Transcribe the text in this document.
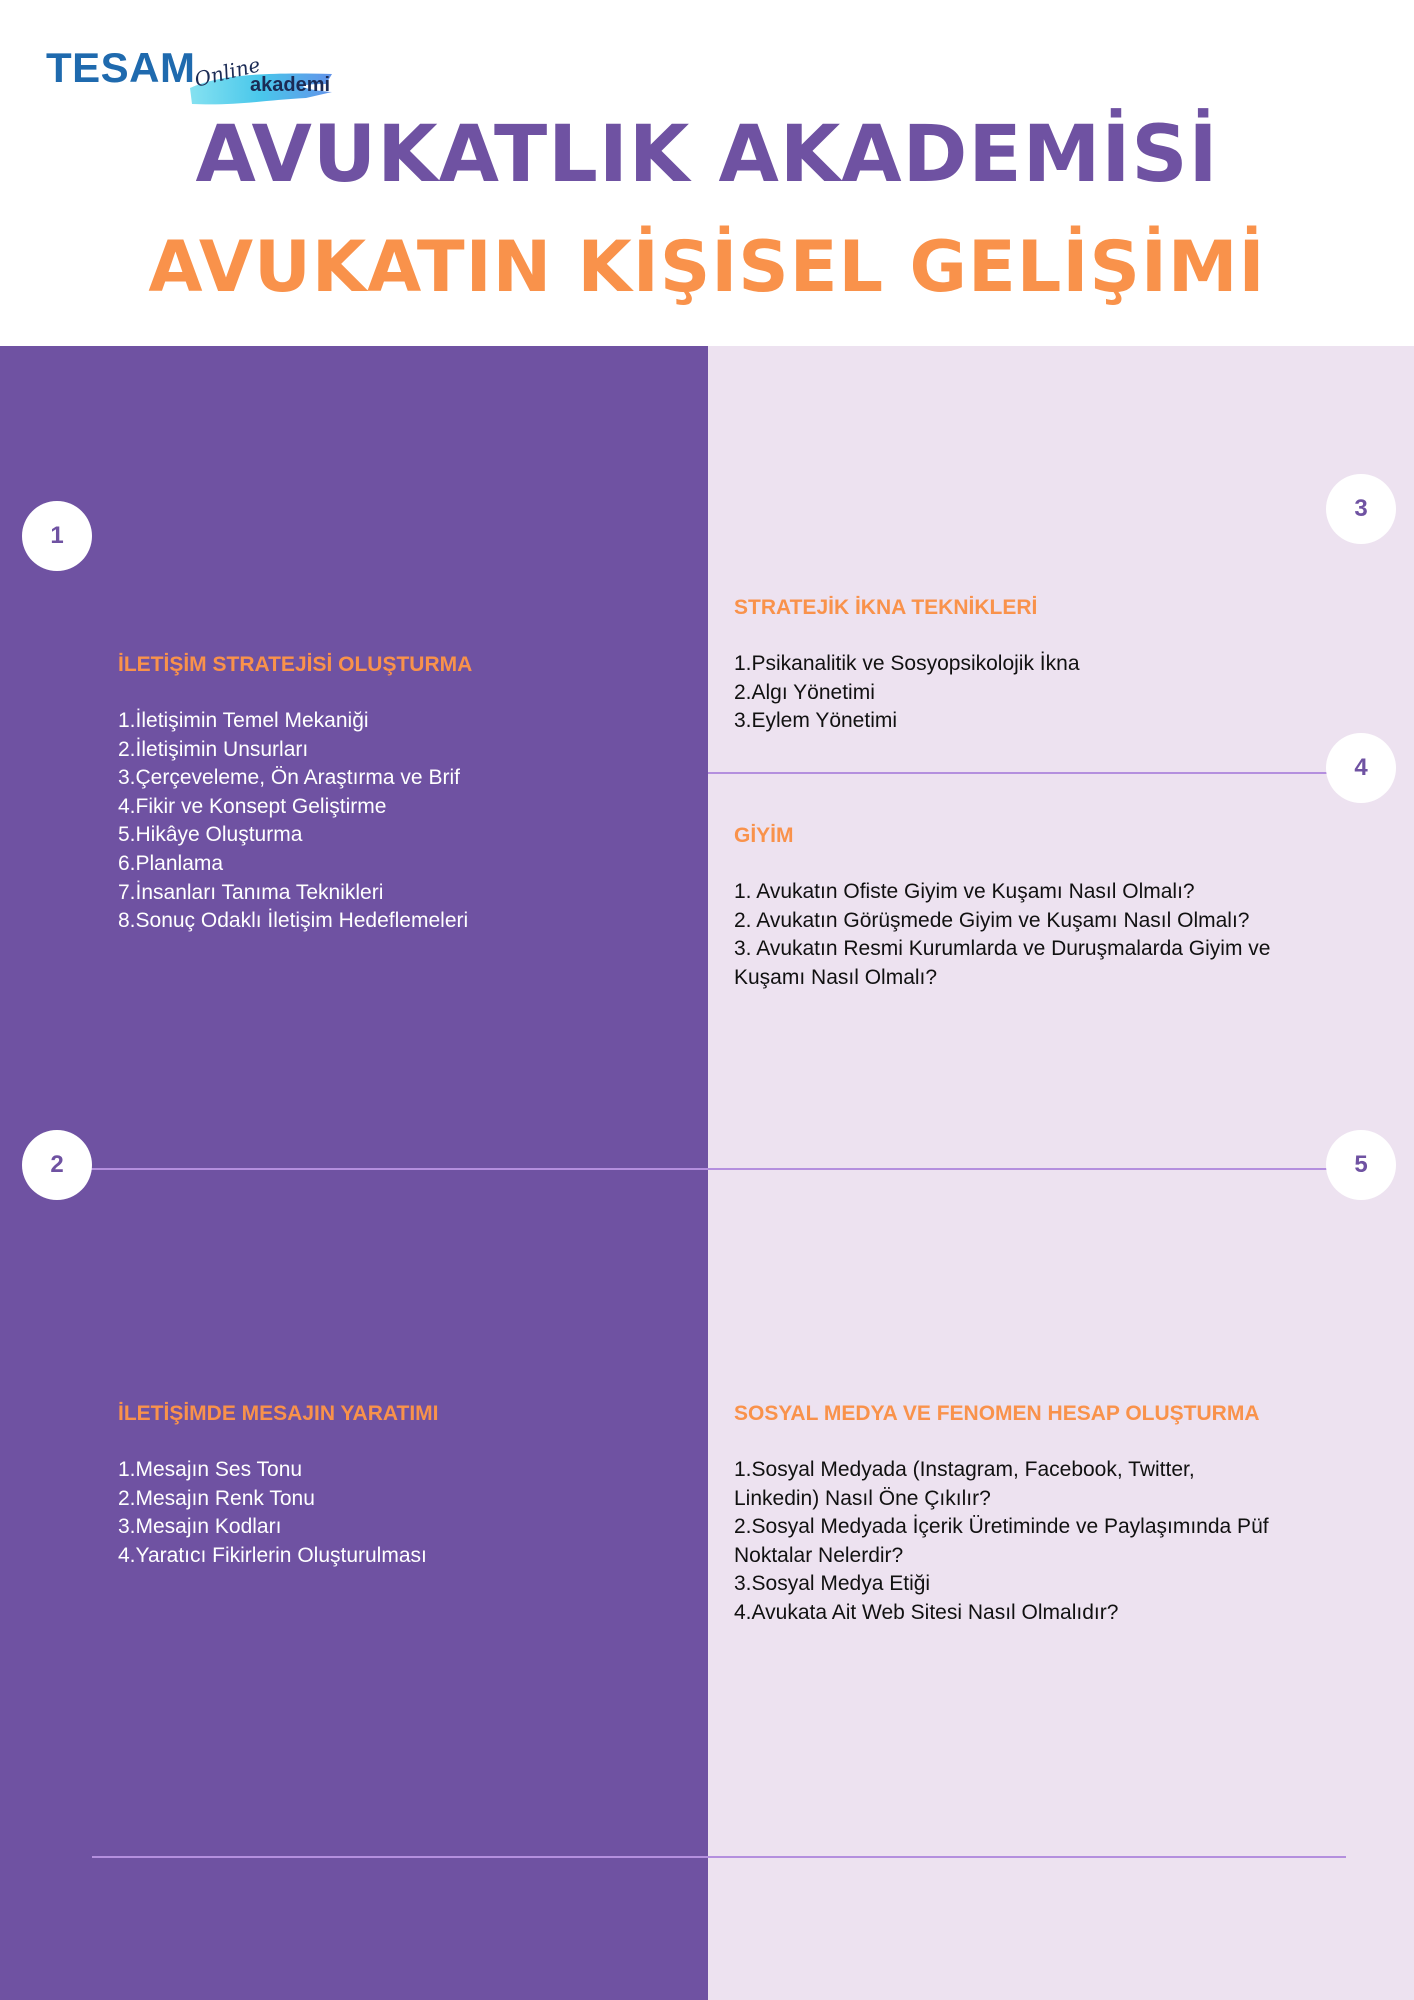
TESAM
Online
akademi
AVUKATLIK AKADEMİSİ
AVUKATIN KİŞİSEL GELİŞİMİ
1
2
3
4
5
İLETİŞİM STRATEJİSİ OLUŞTURMA
1.İletişimin Temel Mekaniği
2.İletişimin Unsurları
3.Çerçeveleme, Ön Araştırma ve Brif
4.Fikir ve Konsept Geliştirme
5.Hikâye Oluşturma
6.Planlama
7.İnsanları Tanıma Teknikleri
8.Sonuç Odaklı İletişim Hedeflemeleri
İLETİŞİMDE MESAJIN YARATIMI
1.Mesajın Ses Tonu
2.Mesajın Renk Tonu
3.Mesajın Kodları
4.Yaratıcı Fikirlerin Oluşturulması
STRATEJİK İKNA TEKNİKLERİ
1.Psikanalitik ve Sosyopsikolojik İkna
2.Algı Yönetimi
3.Eylem Yönetimi
GİYİM
1. Avukatın Ofiste Giyim ve Kuşamı Nasıl Olmalı?
2. Avukatın Görüşmede Giyim ve Kuşamı Nasıl Olmalı?
3. Avukatın Resmi Kurumlarda ve Duruşmalarda Giyim ve
Kuşamı Nasıl Olmalı?
SOSYAL MEDYA VE FENOMEN HESAP OLUŞTURMA
1.Sosyal Medyada (Instagram, Facebook, Twitter,
Linkedin) Nasıl Öne Çıkılır?
2.Sosyal Medyada İçerik Üretiminde ve Paylaşımında Püf
Noktalar Nelerdir?
3.Sosyal Medya Etiği
4.Avukata Ait Web Sitesi Nasıl Olmalıdır?
